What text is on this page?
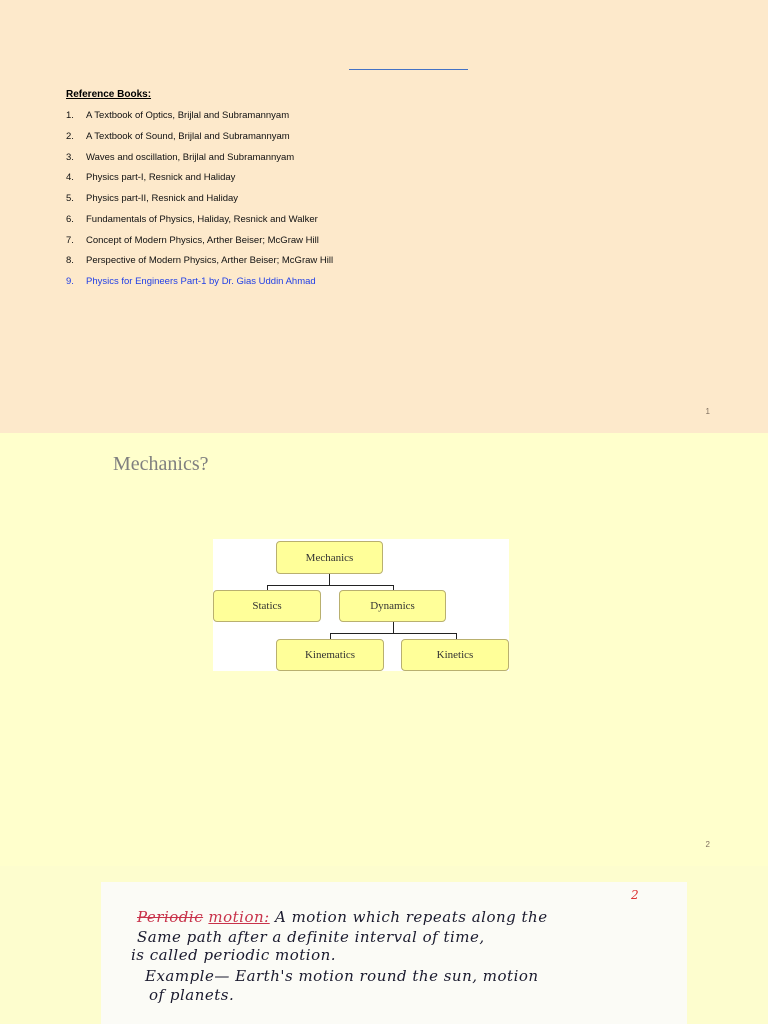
Reference Books:
1. A Textbook of Optics, Brijlal and Subramannyam
2. A Textbook of Sound, Brijlal and Subramannyam
3. Waves and oscillation, Brijlal and Subramannyam
4. Physics part-I, Resnick and Haliday
5. Physics part-II, Resnick and Haliday
6. Fundamentals of Physics, Haliday, Resnick and Walker
7. Concept of Modern Physics, Arther Beiser; McGraw Hill
8. Perspective of Modern Physics, Arther Beiser; McGraw Hill
9. Physics for Engineers Part-1 by Dr. Gias Uddin Ahmad
1
Mechanics?
Mechanics
Statics	Dynamics
Kinematics	Kinetics
2
2
Periodic motion: A motion which repeats along the
Same path after a definite interval of time,
is called periodic motion.
Example— Earth's motion round the sun, motion
of planets.
